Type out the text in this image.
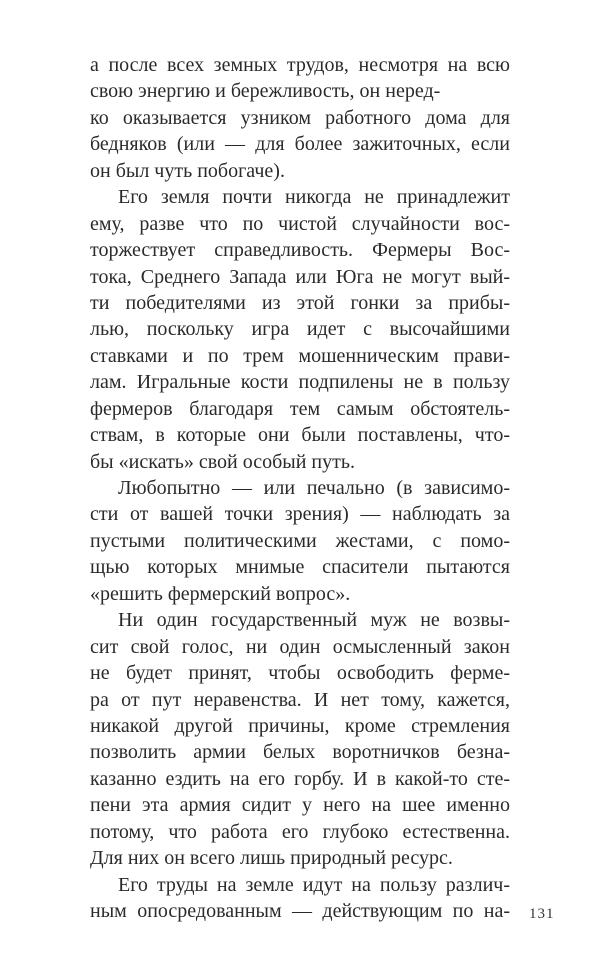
а после всех земных трудов, несмотря на всю
свою энергию и бережливость, он неред-
ко оказывается узником работного дома для
бедняков (или — для более зажиточных, если
он был чуть побогаче).
Его земля почти никогда не принадлежит
ему, разве что по чистой случайности вос-
торжествует справедливость. Фермеры Вос-
тока, Среднего Запада или Юга не могут вый-
ти победителями из этой гонки за прибы-
лью, поскольку игра идет с высочайшими
ставками и по трем мошенническим прави-
лам. Игральные кости подпилены не в пользу
фермеров благодаря тем самым обстоятель-
ствам, в которые они были поставлены, что-
бы «искать» свой особый путь.
Любопытно — или печально (в зависимо-
сти от вашей точки зрения) — наблюдать за
пустыми политическими жестами, с помо-
щью которых мнимые спасители пытаются
«решить фермерский вопрос».
Ни один государственный муж не возвы-
сит свой голос, ни один осмысленный закон
не будет принят, чтобы освободить ферме-
ра от пут неравенства. И нет тому, кажется,
никакой другой причины, кроме стремления
позволить армии белых воротничков безна-
казанно ездить на его горбу. И в какой-то сте-
пени эта армия сидит у него на шее именно
потому, что работа его глубоко естественна.
Для них он всего лишь природный ресурс.
Его труды на земле идут на пользу различ-
ным опосредованным — действующим по на- 131
